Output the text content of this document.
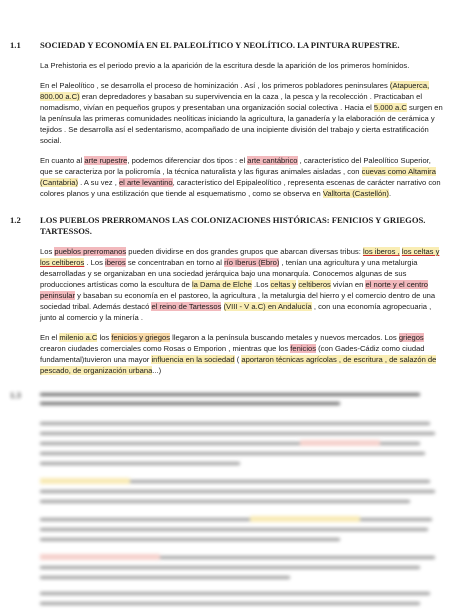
1.1	SOCIEDAD Y ECONOMÍA EN EL PALEOLÍTICO Y NEOLÍTICO. LA PINTURA RUPESTRE.

La Prehistoria es el periodo previo a la aparición de la escritura desde la aparición de los primeros homínidos.

En el Paleolítico , se desarrolla el proceso de hominización . Así , los primeros pobladores peninsulares (Atapuerca, 800.00 a.C) eran depredadores y basaban su supervivencia en la caza , la pesca y la recolección . Practicaban el nomadismo, vivían en pequeños grupos y presentaban una organización social colectiva . Hacia el 5.000 a.C surgen en la península las primeras comunidades neolíticas iniciando la agricultura, la ganadería y la elaboración de cerámica y tejidos . Se desarrolla así el sedentarismo, acompañado de una incipiente división del trabajo y cierta estratificación social.

En cuanto al arte rupestre, podemos diferenciar dos tipos : el arte cantábrico , característico del Paleolítico Superior, que se caracteriza por la policromía , la técnica naturalista y las figuras animales aisladas , con cuevas como Altamira (Cantabria) . A su vez , el arte levantino, característico del Epipaleolítico , representa escenas de carácter narrativo con colores planos y una estilización que tiende al esquematismo , como se observa en Valltorta (Castellón).

1.2	LOS PUEBLOS PRERROMANOS LAS COLONIZACIONES HISTÓRICAS: FENICIOS Y GRIEGOS. TARTESSOS.

Los pueblos prerromanos pueden dividirse en dos grandes grupos que abarcan diversas tribus: los iberos , los celtas y los celtiberos . Los iberos se concentraban en torno al río Iberus (Ebro) , tenían una agricultura y una metalurgia desarrolladas y se organizaban en una sociedad jerárquica bajo una monarquía. Conocemos algunas de sus producciones artísticas como la escultura de la Dama de Elche .Los celtas y celtiberos vivían en el norte y el centro peninsular y basaban su economía en el pastoreo, la agricultura , la metalurgia del hierro y el comercio dentro de una sociedad tribal. Además destacó el reino de Tartessos (VIII - V a.C) en Andalucía , con una economía agropecuaria , junto al comercio y la minería .

En el milenio a.C los fenicios y griegos llegaron a la península buscando metales y nuevos mercados. Los griegos crearon ciudades comerciales como Rosas o Emporion , mientras que los fenicios (con Gades-Cádiz como ciudad fundamental)tuvieron una mayor influencia en la sociedad ( aportaron técnicas agrícolas , de escritura , de salazón de pescado, de organización urbana...)

1.3
